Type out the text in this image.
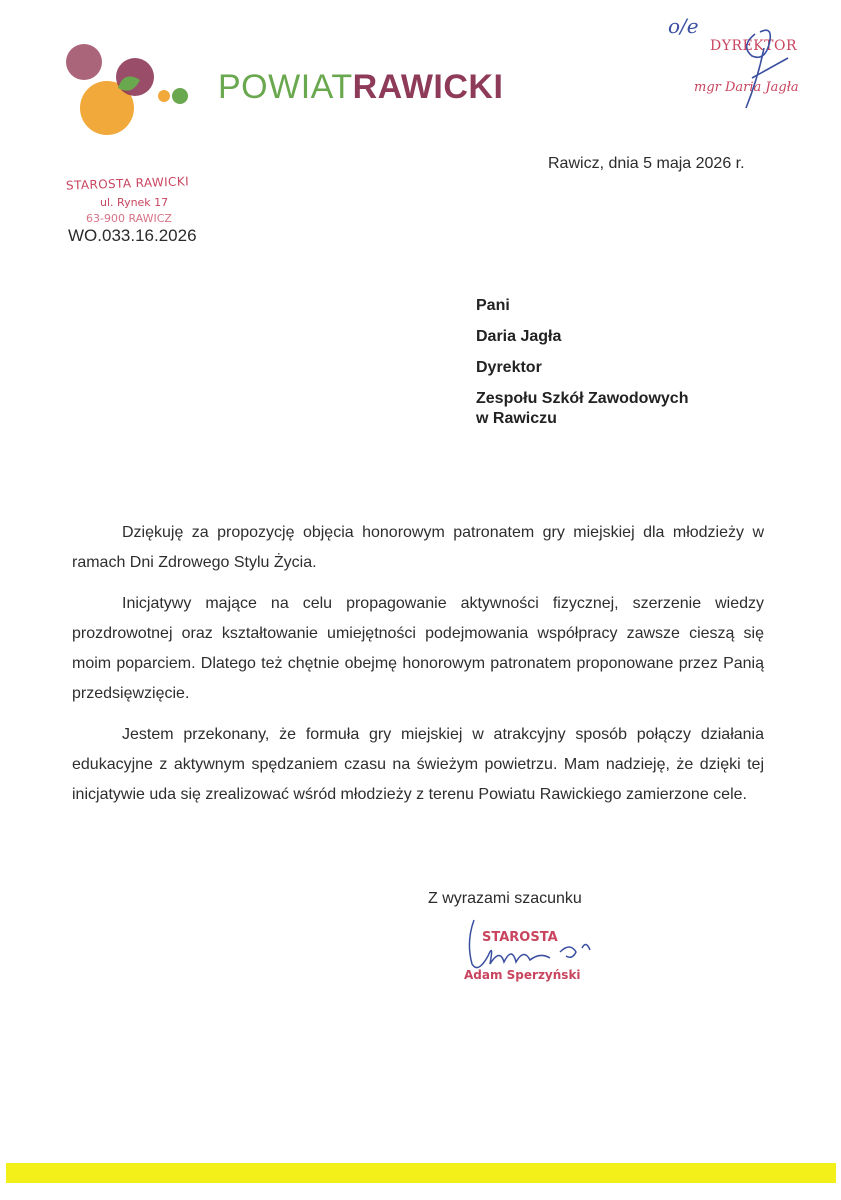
POWIATRAWICKI
o/e
DYREKTOR
mgr Daria Jagła
STAROSTA RAWICKI
ul. Rynek 17
63-900 RAWICZ
WO.033.16.2026
Rawicz, dnia 5 maja 2026 r.
Pani
Daria Jagła
Dyrektor
Zespołu Szkół Zawodowych
w Rawiczu

Dziękuję za propozycję objęcia honorowym patronatem gry miejskiej dla młodzieży w ramach Dni Zdrowego Stylu Życia.

Inicjatywy mające na celu propagowanie aktywności fizycznej, szerzenie wiedzy prozdrowotnej oraz kształtowanie umiejętności podejmowania współpracy zawsze cieszą się moim poparciem. Dlatego też chętnie obejmę honorowym patronatem proponowane przez Panią przedsięwzięcie.

Jestem przekonany, że formuła gry miejskiej w atrakcyjny sposób połączy działania edukacyjne z aktywnym spędzaniem czasu na świeżym powietrzu. Mam nadzieję, że dzięki tej inicjatywie uda się zrealizować wśród młodzieży z terenu Powiatu Rawickiego zamierzone cele.

Z wyrazami szacunku
STAROSTA
Adam Sperzyński
